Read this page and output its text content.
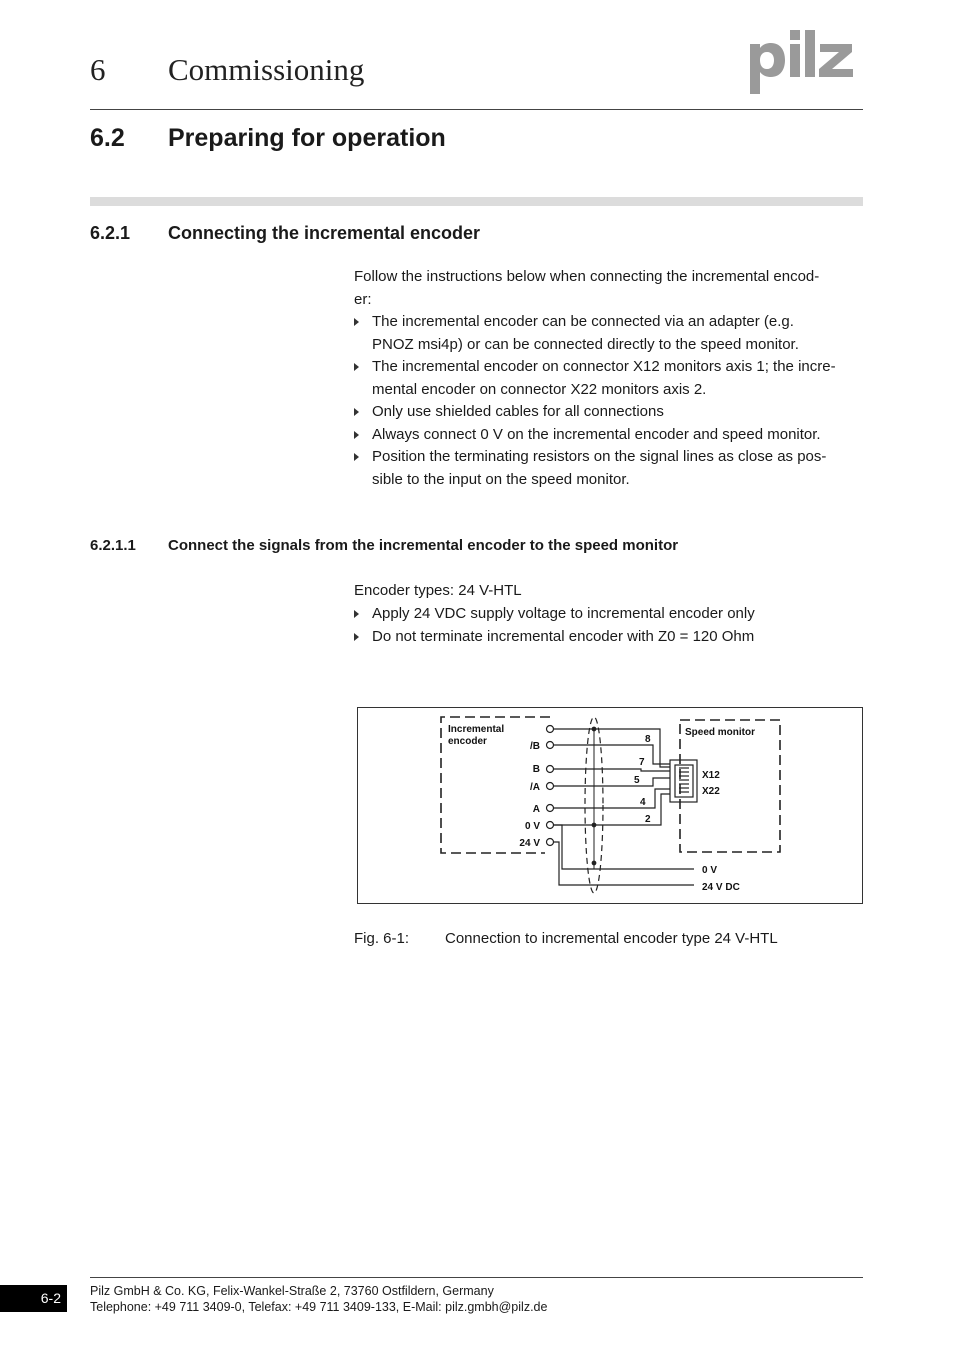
6 Commissioning
6.2 Preparing for operation
6.2.1 Connecting the incremental encoder
Follow the instructions below when connecting the incremental encod-
er:
The incremental encoder can be connected via an adapter (e.g.
PNOZ msi4p) or can be connected directly to the speed monitor.
The incremental encoder on connector X12 monitors axis 1; the incre-
mental encoder on connector X22 monitors axis 2.
Only use shielded cables for all connections
Always connect 0 V on the incremental encoder and speed monitor.
Position the terminating resistors on the signal lines as close as pos-
sible to the input on the speed monitor.
6.2.1.1 Connect the signals from the incremental encoder to the speed monitor
Encoder types: 24 V-HTL
Apply 24 VDC supply voltage to incremental encoder only
Do not terminate incremental encoder with Z0 = 120 Ohm
Incremental
encoder
Speed monitor
/B
B
/A
A
0 V
24 V
8
7
5
4
2
X12
X22
0 V
24 V DC
Fig. 6-1: Connection to incremental encoder type 24 V-HTL
6-2	Pilz GmbH & Co. KG, Felix-Wankel-Straße 2, 73760 Ostfildern, Germany
Telephone: +49 711 3409-0, Telefax: +49 711 3409-133, E-Mail: pilz.gmbh@pilz.de
